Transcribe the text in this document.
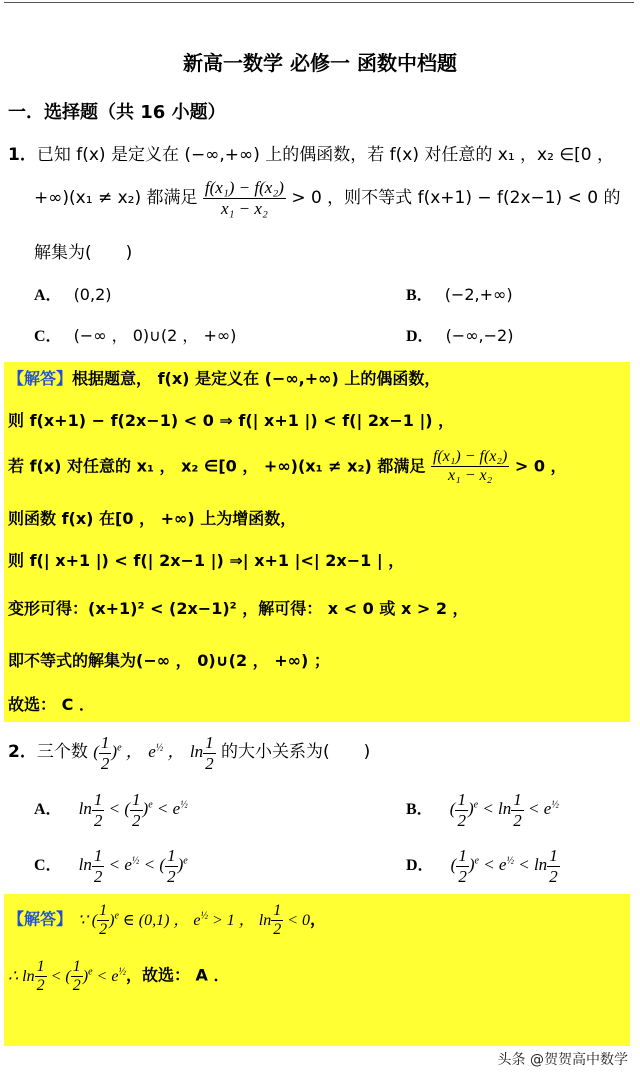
新高一数学 必修一 函数中档题
一．选择题（共 16 小题）
1．已知 f(x) 是定义在 (−∞,+∞) 上的偶函数，若 f(x) 对任意的 x₁ ，x₂ ∈[0 ，
+∞)(x₁ ≠ x₂) 都满足 $\frac{\text{f(x₁) − f(x₂)}}{\text{x₁ − x₂}} > 0$ ，则不等式 f(x+1) − f(2x−1) < 0 的
解集为(　　)
A． (0,2)	B． (−2,+∞)
C． (−∞ ， 0)∪(2 ， +∞)	D． (−∞,−2)
【解答】根据题意， f(x) 是定义在 (−∞,+∞) 上的偶函数，
则 f(x+1) − f(2x−1) < 0 ⇒ f(| x+1 |) < f(| 2x−1 |) ，
若 f(x) 对任意的 x₁ ， x₂ ∈[0 ， +∞)(x₁ ≠ x₂) 都满足 $\frac{\text{f(x₁) − f(x₂)}}{\text{x₁ − x₂}} > 0$ ，
则函数 f(x) 在[0 ， +∞) 上为增函数，
则 f(| x+1 |) < f(| 2x−1 |) ⇒| x+1 |<| 2x−1 | ，
变形可得：(x+1)² < (2x−1)² ，解可得： x < 0 或 x > 2 ，
即不等式的解集为(−∞ ， 0)∪(2 ， +∞) ；
故选： C ．
2．三个数 ( $\frac{1}{2} )^e$ ， $e^{\frac{1}{2}}$ ， $\ln \frac{1}{2}$ 的大小关系为(　　)
A． $\ln \frac{1}{2}$ < ( $\frac{1}{2} )^e < e^{\frac{1}{2}}$	B． ( $\frac{1}{2} )^e < \ln \frac{1}{2} < e^{\frac{1}{2}}$
C． $\ln \frac{1}{2} < e^{\frac{1}{2}}$ < ( $\frac{1}{2} )^e$	D． ( $\frac{1}{2} )^e < e^{\frac{1}{2}} < \ln \frac{1}{2}$
【解答】 ∵ ( $\frac{1}{2} )^e$ ∈ (0,1) ， $e^{\frac{1}{2}} > 1$ ， $\ln \frac{1}{2} < 0$，
∴ $\ln \frac{1}{2}$ < ( $\frac{1}{2} )^e < e^{\frac{1}{2}}$，故选： A ．
头条 @贺贺高中数学
